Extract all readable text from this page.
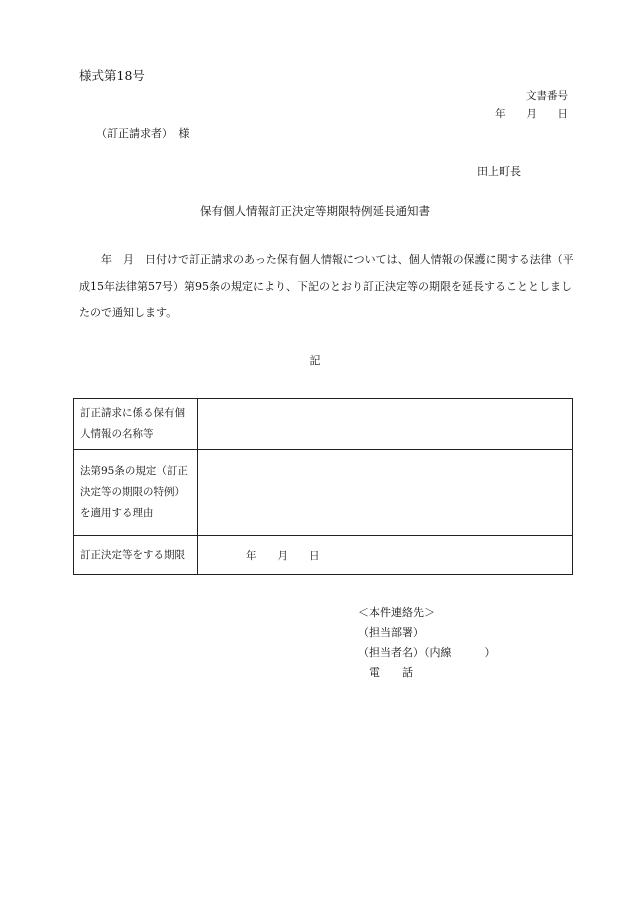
様式第18号
文書番号
年 月 日
（訂正請求者）　様
田上町長
保有個人情報訂正決定等期限特例延長通知書
　　年　月　日付けで訂正請求のあった保有個人情報については、個人情報の保護に関する法律（平
成15年法律第57号）第95条の規定により、下記のとおり訂正決定等の期限を延長することとしまし
たので通知します。
記
訂正請求に係る保有個
人情報の名称等	

法第95条の規定（訂正
決定等の期限の特例）
を適用する理由	

訂正決定等をする期限	年　　月　　日
＜本件連絡先＞
（担当部署）
（担当者名）（内線　　　）
　電　　話
